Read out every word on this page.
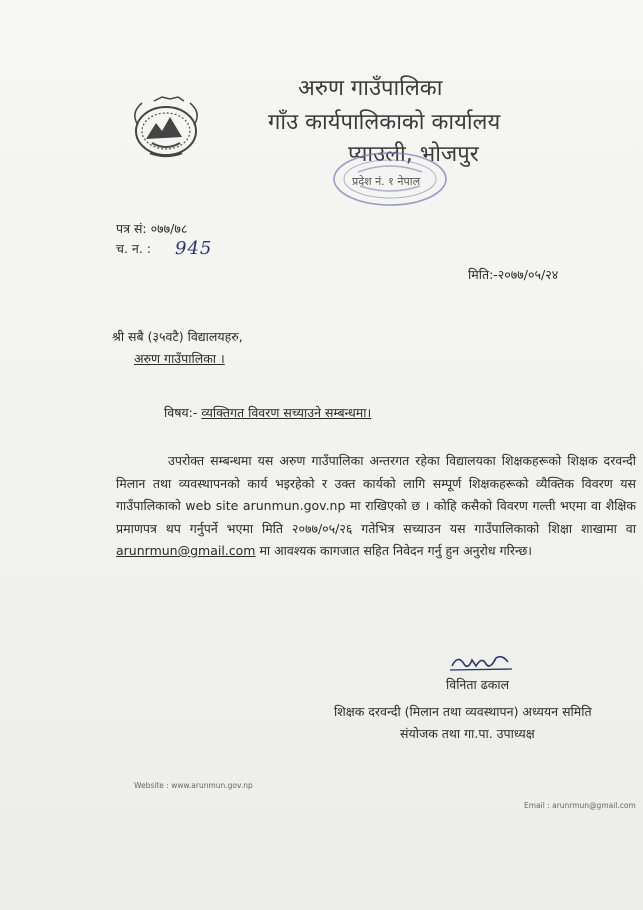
अरुण गाउँपालिका
गाँउ कार्यपालिकाको कार्यालय
प्याउली, भोजपुर
प्रदेश नं. १ नेपाल
पत्र सं: ०७७/७८
च. न. : 945
मिति:-२०७७/०५/२४
श्री सबै (३५वटै) विद्यालयहरु,
अरुण गाउँपालिका ।
विषय:- व्यक्तिगत विवरण सच्याउने सम्बन्धमा।

उपरोक्त सम्बन्धमा यस अरुण गाउँपालिका अन्तरगत रहेका विद्यालयका शिक्षकहरूको शिक्षक दरवन्दी मिलान तथा व्यवस्थापनको कार्य भइरहेको र उक्त कार्यको लागि सम्पूर्ण शिक्षकहरूको व्यैक्तिक विवरण यस गाउँपालिकाको web site arunmun.gov.np मा राखिएको छ । कोहि कसैको विवरण गल्ती भएमा वा शैक्षिक प्रमाणपत्र थप गर्नुपर्ने भएमा मिति २०७७/०५/२६ गतेभित्र सच्याउन यस गाउँपालिकाको शिक्षा शाखामा वा arunrmun@gmail.com मा आवश्यक कागजात सहित निवेदन गर्नु हुन अनुरोध गरिन्छ।

विनिता ढकाल
शिक्षक दरवन्दी (मिलान तथा व्यवस्थापन) अध्ययन समिति
संयोजक तथा गा.पा. उपाध्यक्ष
Website : www.arunmun.gov.np
Email : arunrmun@gmail.com
